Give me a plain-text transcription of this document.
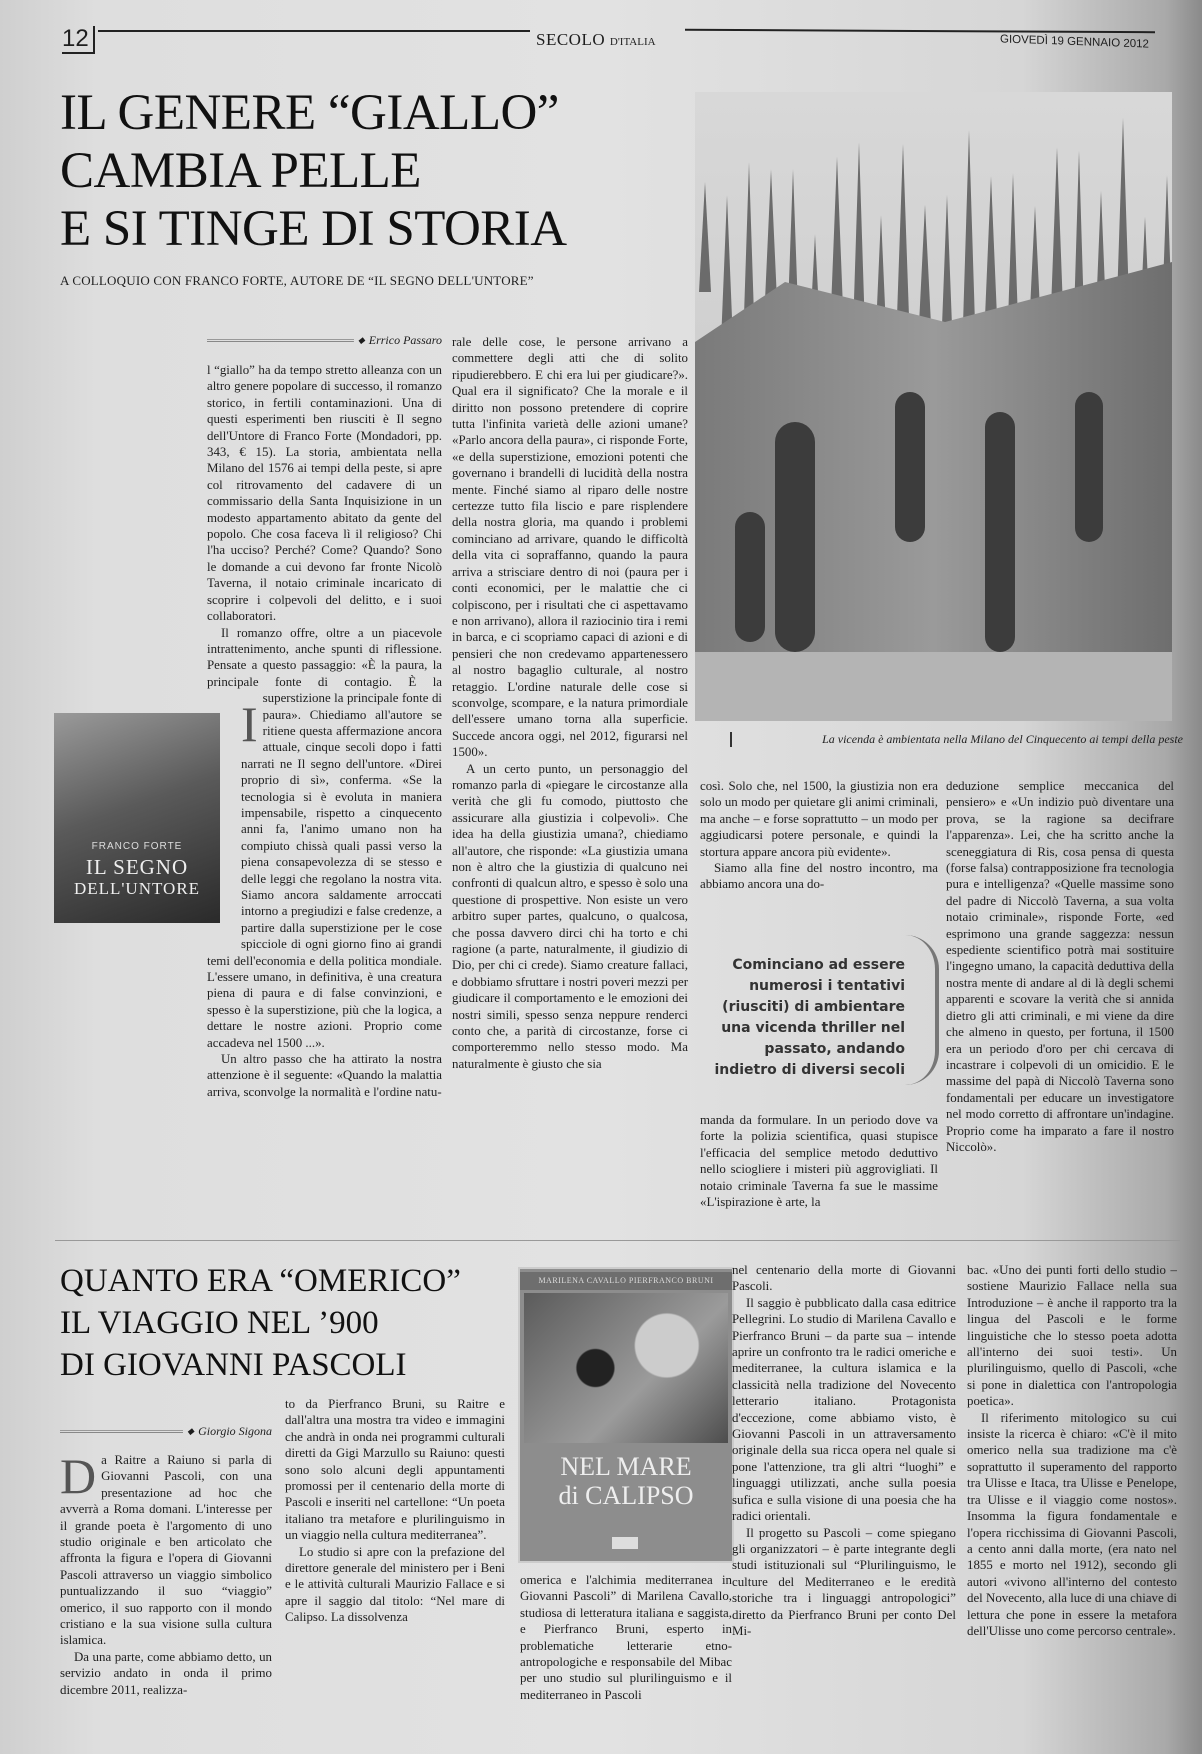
12	SECOLO D'ITALIA	GIOVEDÌ 19 GENNAIO 2012
IL GENERE “GIALLO”
CAMBIA PELLE
E SI TINGE DI STORIA
A COLLOQUIO CON FRANCO FORTE, AUTORE DE “IL SEGNO DELL'UNTORE”
◆ Errico Passaro
I

l “giallo” ha da tempo stretto alleanza con un altro genere popolare di successo, il romanzo storico, in fertili contaminazioni. Una di questi esperimenti ben riusciti è Il segno dell'Untore di Franco Forte (Mondadori, pp. 343, € 15). La storia, ambientata nella Milano del 1576 ai tempi della peste, si apre col ritrovamento del cadavere di un commissario della Santa Inquisizione in un modesto appartamento abitato da gente del popolo. Che cosa faceva lì il religioso? Chi l'ha ucciso? Perché? Come? Quando? Sono le domande a cui devono far fronte Nicolò Taverna, il notaio criminale incaricato di scoprire i colpevoli del delitto, e i suoi collaboratori.

Il romanzo offre, oltre a un piacevole intrattenimento, anche spunti di riflessione. Pensate a questo passaggio: «È la paura, la principale fonte di contagio. È la superstizione la principale fonte di paura». Chiediamo all'autore se ritiene questa affermazione ancora attuale, cinque secoli dopo i fatti narrati ne Il segno dell'untore. «Direi proprio di sì», conferma. «Se la tecnologia si è evoluta in maniera impensabile, rispetto a cinquecento anni fa, l'animo umano non ha compiuto chissà quali passi verso la piena consapevolezza di se stesso e delle leggi che regolano la nostra vita. Siamo ancora saldamente arroccati intorno a pregiudizi e false credenze, a partire dalla superstizione per le cose spicciole di ogni giorno fino ai grandi temi dell'economia e della politica mondiale. L'essere umano, in definitiva, è una creatura piena di paura e di false convinzioni, e spesso è la superstizione, più che la logica, a dettare le nostre azioni. Proprio come accadeva nel 1500 ...».

Un altro passo che ha attirato la nostra attenzione è il seguente: «Quando la malattia arriva, sconvolge la normalità e l'ordine natu-

rale delle cose, le persone arrivano a commettere degli atti che di solito ripudierebbero. E chi era lui per giudicare?». Qual era il significato? Che la morale e il diritto non possono pretendere di coprire tutta l'infinita varietà delle azioni umane? «Parlo ancora della paura», ci risponde Forte, «e della superstizione, emozioni potenti che governano i brandelli di lucidità della nostra mente. Finché siamo al riparo delle nostre certezze tutto fila liscio e pare risplendere della nostra gloria, ma quando i problemi cominciano ad arrivare, quando le difficoltà della vita ci sopraffanno, quando la paura arriva a strisciare dentro di noi (paura per i conti economici, per le malattie che ci colpiscono, per i risultati che ci aspettavamo e non arrivano), allora il raziocinio tira i remi in barca, e ci scopriamo capaci di azioni e di pensieri che non credevamo appartenessero al nostro bagaglio culturale, al nostro retaggio. L'ordine naturale delle cose si sconvolge, scompare, e la natura primordiale dell'essere umano torna alla superficie. Succede ancora oggi, nel 2012, figurarsi nel 1500».

A un certo punto, un personaggio del romanzo parla di «piegare le circostanze alla verità che gli fu comodo, piuttosto che assicurare alla giustizia i colpevoli». Che idea ha della giustizia umana?, chiediamo all'autore, che risponde: «La giustizia umana non è altro che la giustizia di qualcuno nei confronti di qualcun altro, e spesso è solo una questione di prospettive. Non esiste un vero arbitro super partes, qualcuno, o qualcosa, che possa davvero dirci chi ha torto e chi ragione (a parte, naturalmente, il giudizio di Dio, per chi ci crede). Siamo creature fallaci, e dobbiamo sfruttare i nostri poveri mezzi per giudicare il comportamento e le emozioni dei nostri simili, spesso senza neppure renderci conto che, a parità di circostanze, forse ci comporteremmo nello stesso modo. Ma naturalmente è giusto che sia

così. Solo che, nel 1500, la giustizia non era solo un modo per quietare gli animi criminali, ma anche – e forse soprattutto – un modo per aggiudicarsi potere personale, e quindi la stortura appare ancora più evidente».

Siamo alla fine del nostro incontro, ma abbiamo ancora una do-

Cominciano ad essere numerosi i tentativi (riusciti) di ambientare una vicenda thriller nel passato, andando indietro di diversi secoli

manda da formulare. In un periodo dove va forte la polizia scientifica, quasi stupisce l'efficacia del semplice metodo deduttivo nello sciogliere i misteri più aggrovigliati. Il notaio criminale Taverna fa sue le massime «L'ispirazione è arte, la

deduzione semplice meccanica del pensiero» e «Un indizio può diventare una prova, se la ragione sa decifrare l'apparenza». Lei, che ha scritto anche la sceneggiatura di Ris, cosa pensa di questa (forse falsa) contrapposizione fra tecnologia pura e intelligenza? «Quelle massime sono del padre di Niccolò Taverna, a sua volta notaio criminale», risponde Forte, «ed esprimono una grande saggezza: nessun espediente scientifico potrà mai sostituire l'ingegno umano, la capacità deduttiva della nostra mente di andare al di là degli schemi apparenti e scovare la verità che si annida dietro gli atti criminali, e mi viene da dire che almeno in questo, per fortuna, il 1500 era un periodo d'oro per chi cercava di incastrare i colpevoli di un omicidio. E le massime del papà di Niccolò Taverna sono fondamentali per educare un investigatore nel modo corretto di affrontare un'indagine. Proprio come ha imparato a fare il nostro Niccolò».

La vicenda è ambientata nella Milano del Cinquecento ai tempi della peste
FRANCO FORTE
IL SEGNO
DELL'UNTORE
QUANTO ERA “OMERICO”
IL VIAGGIO NEL ’900
DI GIOVANNI PASCOLI
◆ Giorgio Sigona
D a Raitre a Raiuno si parla di Giovanni Pascoli, con una presentazione ad hoc che avverrà a Roma domani. L'interesse per il grande poeta è l'argomento di uno studio originale e ben articolato che affronta la figura e l'opera di Giovanni Pascoli attraverso un viaggio simbolico puntualizzando il suo “viaggio” omerico, il suo rapporto con il mondo cristiano e la sua visione sulla cultura islamica.

Da una parte, come abbiamo detto, un servizio andato in onda il primo dicembre 2011, realizza-

to da Pierfranco Bruni, su Raitre e dall'altra una mostra tra video e immagini che andrà in onda nei programmi culturali diretti da Gigi Marzullo su Raiuno: questi sono solo alcuni degli appuntamenti promossi per il centenario della morte di Pascoli e inseriti nel cartellone: “Un poeta italiano tra metafore e plurilinguismo in un viaggio nella cultura mediterranea”.

Lo studio si apre con la prefazione del direttore generale del ministero per i Beni e le attività culturali Maurizio Fallace e si apre il saggio dal titolo: “Nel mare di Calipso. La dissolvenza

MARILENA CAVALLO PIERFRANCO BRUNI
NEL MARE
di CALIPSO

omerica e l'alchimia mediterranea in Giovanni Pascoli” di Marilena Cavallo, studiosa di letteratura italiana e saggista, e Pierfranco Bruni, esperto in problematiche letterarie etno-antropologiche e responsabile del Mibac per uno studio sul plurilinguismo e il mediterraneo in Pascoli

nel centenario della morte di Giovanni Pascoli.

Il saggio è pubblicato dalla casa editrice Pellegrini. Lo studio di Marilena Cavallo e Pierfranco Bruni – da parte sua – intende aprire un confronto tra le radici omeriche e mediterranee, la cultura islamica e la classicità nella tradizione del Novecento letterario italiano. Protagonista d'eccezione, come abbiamo visto, è Giovanni Pascoli in un attraversamento originale della sua ricca opera nel quale si pone l'attenzione, tra gli altri “luoghi” e linguaggi utilizzati, anche sulla poesia sufica e sulla visione di una poesia che ha radici orientali.

Il progetto su Pascoli – come spiegano gli organizzatori – è parte integrante degli studi istituzionali sul “Plurilinguismo, le culture del Mediterraneo e le eredità storiche tra i linguaggi antropologici” diretto da Pierfranco Bruni per conto Del Mi-

bac. «Uno dei punti forti dello studio – sostiene Maurizio Fallace nella sua Introduzione – è anche il rapporto tra la lingua del Pascoli e le forme linguistiche che lo stesso poeta adotta all'interno dei suoi testi». Un plurilinguismo, quello di Pascoli, «che si pone in dialettica con l'antropologia poetica».

Il riferimento mitologico su cui insiste la ricerca è chiaro: «C'è il mito omerico nella sua tradizione ma c'è soprattutto il superamento del rapporto tra Ulisse e Itaca, tra Ulisse e Penelope, tra Ulisse e il viaggio come nostos». Insomma la figura fondamentale e l'opera ricchissima di Giovanni Pascoli, a cento anni dalla morte, (era nato nel 1855 e morto nel 1912), secondo gli autori «vivono all'interno del contesto del Novecento, alla luce di una chiave di lettura che pone in essere la metafora dell'Ulisse uno come percorso centrale».
